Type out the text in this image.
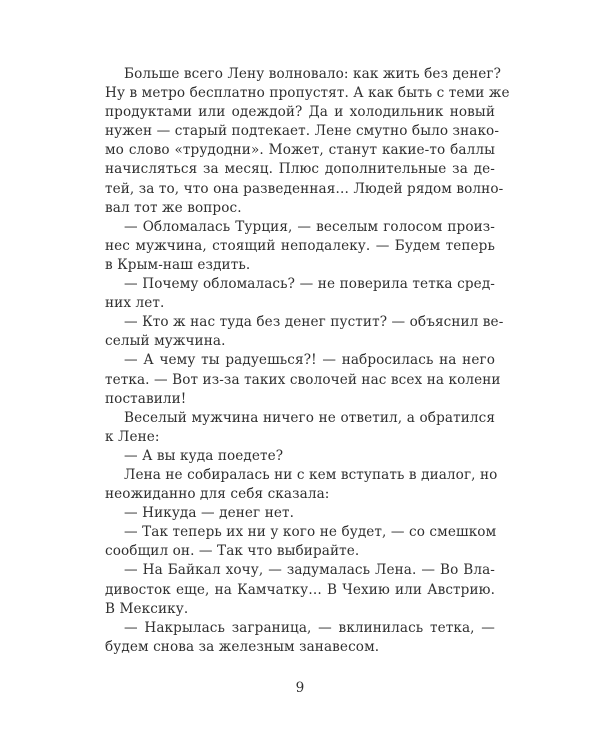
Больше всего Лену волновало: как жить без денег?
Ну в метро бесплатно пропустят. А как быть с теми же
продуктами или одеждой? Да и холодильник новый
нужен — старый подтекает. Лене смутно было знако-
мо слово «трудодни». Может, станут какие-то баллы
начисляться за месяц. Плюс дополнительные за де-
тей, за то, что она разведенная… Людей рядом волно-
вал тот же вопрос.
— Обломалась Турция, — веселым голосом произ-
нес мужчина, стоящий неподалеку. — Будем теперь
в Крым-наш ездить.
— Почему обломалась? — не поверила тетка сред-
них лет.
— Кто ж нас туда без денег пустит? — объяснил ве-
селый мужчина.
— А чему ты радуешься?! — набросилась на него
тетка. — Вот из-за таких сволочей нас всех на колени
поставили!
Веселый мужчина ничего не ответил, а обратился
к Лене:
— А вы куда поедете?
Лена не собиралась ни с кем вступать в диалог, но
неожиданно для себя сказала:
— Никуда — денег нет.
— Так теперь их ни у кого не будет, — со смешком
сообщил он. — Так что выбирайте.
— На Байкал хочу, — задумалась Лена. — Во Вла-
дивосток еще, на Камчатку… В Чехию или Австрию.
В Мексику.
— Накрылась заграница, — вклинилась тетка, —
будем снова за железным занавесом.
9
